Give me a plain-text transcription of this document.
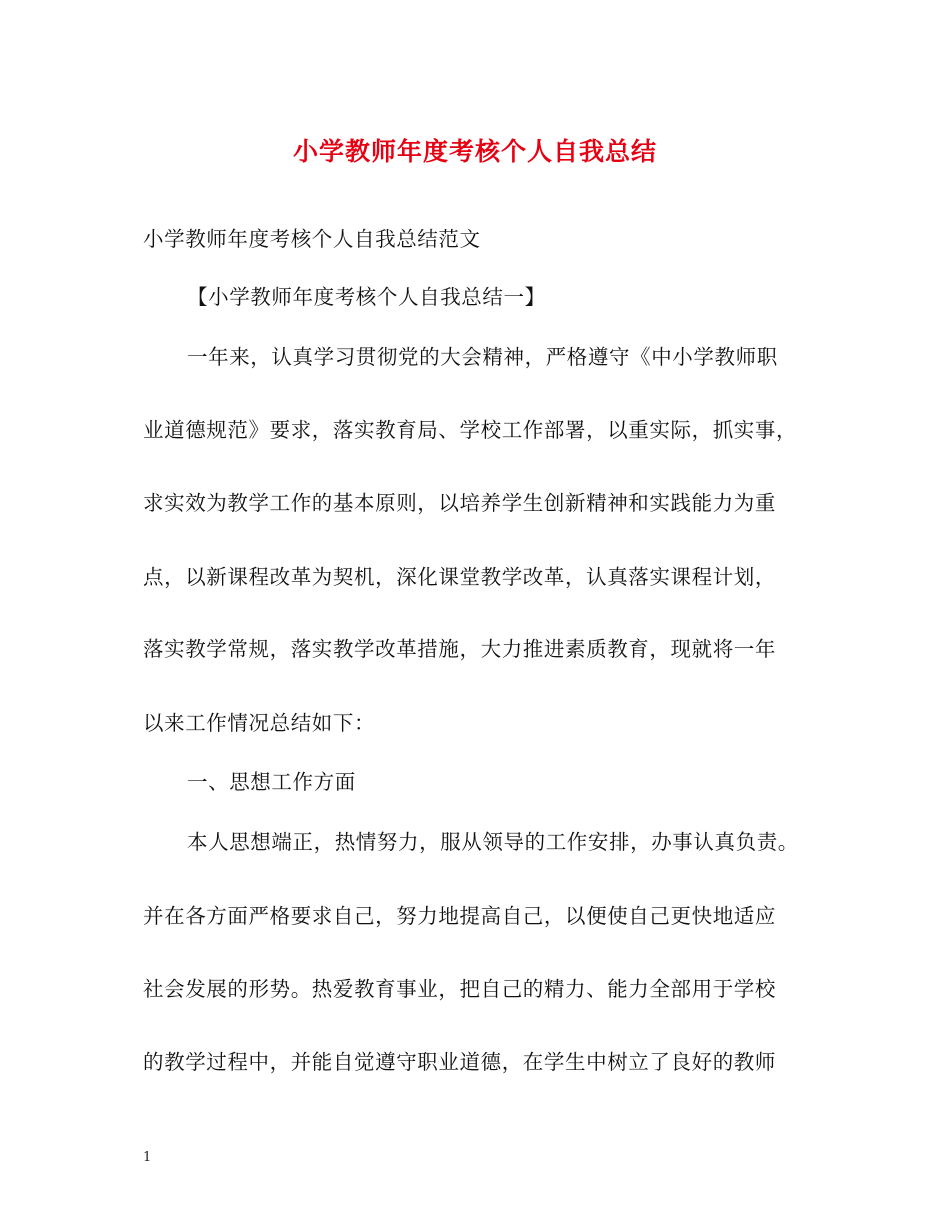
小学教师年度考核个人自我总结
小学教师年度考核个人自我总结范文
【小学教师年度考核个人自我总结一】
一年来，认真学习贯彻党的大会精神，严格遵守《中小学教师职
业道德规范》要求，落实教育局、学校工作部署，以重实际，抓实事，
求实效为教学工作的基本原则，以培养学生创新精神和实践能力为重
点，以新课程改革为契机，深化课堂教学改革，认真落实课程计划，
落实教学常规，落实教学改革措施，大力推进素质教育，现就将一年
以来工作情况总结如下：
一、思想工作方面
本人思想端正，热情努力，服从领导的工作安排，办事认真负责。
并在各方面严格要求自己，努力地提高自己，以便使自己更快地适应
社会发展的形势。热爱教育事业，把自己的精力、能力全部用于学校
的教学过程中，并能自觉遵守职业道德，在学生中树立了良好的教师
1
